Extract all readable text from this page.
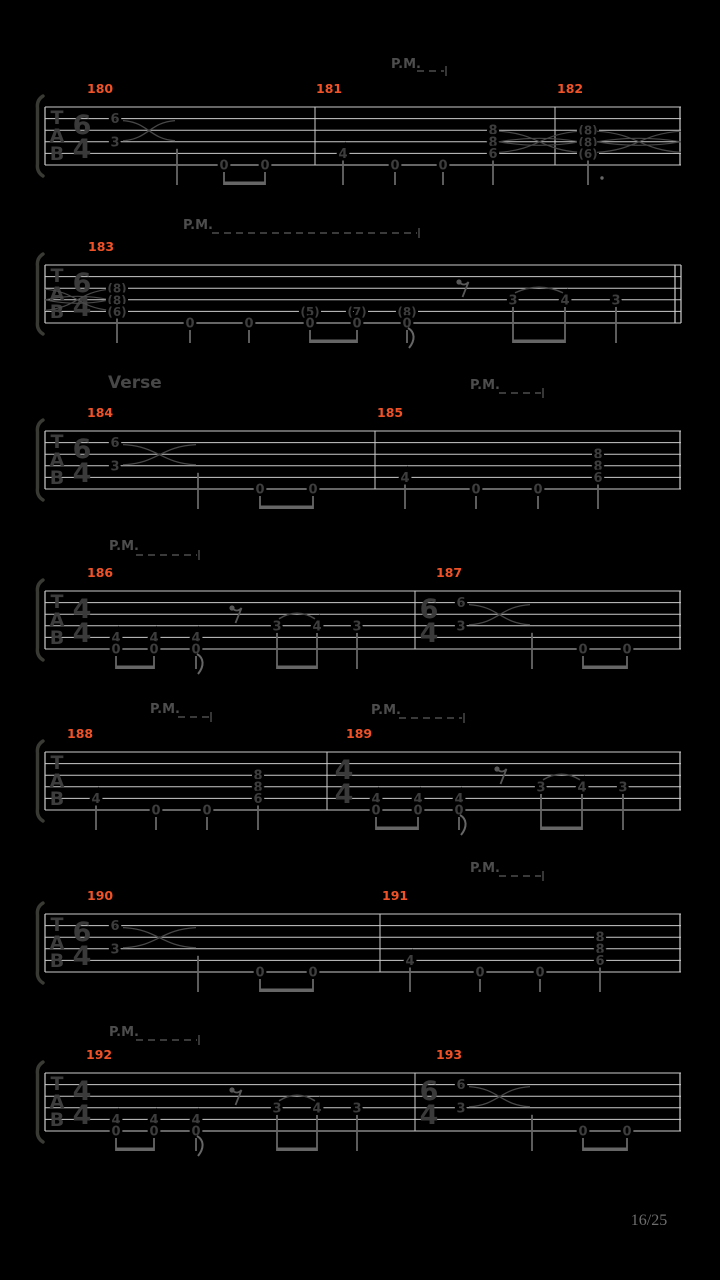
T
A
B
6
4
180	181	182
P.M.
6
3
0 0
4
0	0
8
8
6
(8)
(8)
(6)
T
A
B
6
4
183
P.M.
(8)
(8)
(6)
0	0
(5)
0
(7)
0
(8)
0
3	4	3
T
A
B
6
4
184	185
P.M.
Verse
6
3
0	0
4
0	0
8
8
6
T
A
B
4
4
186	187
P.M.
4
0
4
0
4
0
3 4 3
6
4
6
3
0	0
T
A
B
188	189
P.M.	P.M.
4
0	0
8
8
6
4
4 4
0
4
0
4
0
3 4 3
T
A
B
6
4
190	191
P.M.
6
3
0	0
4
0	0
8
8
6
T
A
B
4
4
192	193
P.M.
4
0
4
0
4
0
3 4 3
6
4
6
3
0	0
16/25
